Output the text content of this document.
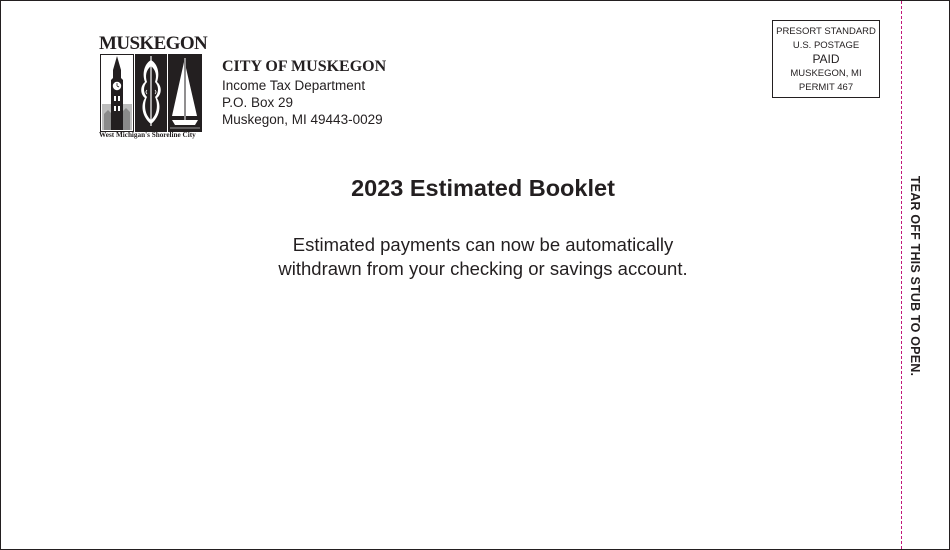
MUSKEGON
West Michigan's Shoreline City
CITY OF MUSKEGON
Income Tax Department
P.O. Box 29
Muskegon, MI 49443-0029
PRESORT STANDARD
U.S. POSTAGE
PAID
MUSKEGON, MI
PERMIT 467
2023 Estimated Booklet
Estimated payments can now be automatically
withdrawn from your checking or savings account.	TEAR OFF THIS STUB TO OPEN.
